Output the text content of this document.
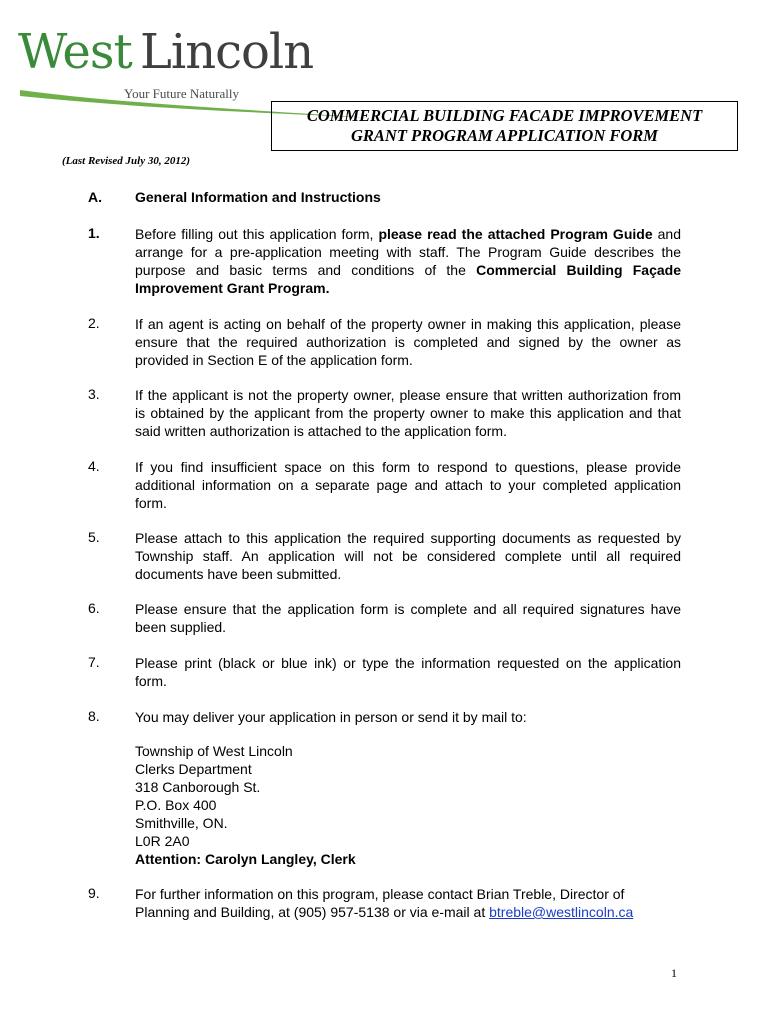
West Lincoln
Your Future Naturally
COMMERCIAL BUILDING FACADE IMPROVEMENT
GRANT PROGRAM APPLICATION FORM
(Last Revised July 30, 2012)
A. General Information and Instructions
1.	Before filling out this application form, please read the attached Program Guide and arrange for a pre-application meeting with staff. The Program Guide describes the purpose and basic terms and conditions of the Commercial Building Façade Improvement Grant Program.
2.	If an agent is acting on behalf of the property owner in making this application, please ensure that the required authorization is completed and signed by the owner as provided in Section E of the application form.
3.	If the applicant is not the property owner, please ensure that written authorization from is obtained by the applicant from the property owner to make this application and that said written authorization is attached to the application form.
4.	If you find insufficient space on this form to respond to questions, please provide additional information on a separate page and attach to your completed application form.
5.	Please attach to this application the required supporting documents as requested by Township staff. An application will not be considered complete until all required documents have been submitted.
6.	Please ensure that the application form is complete and all required signatures have been supplied.
7.	Please print (black or blue ink) or type the information requested on the application form.
8.	You may deliver your application in person or send it by mail to:
Township of West Lincoln
Clerks Department
318 Canborough St.
P.O. Box 400
Smithville, ON.
L0R 2A0
Attention: Carolyn Langley, Clerk
9.	For further information on this program, please contact Brian Treble, Director of Planning and Building, at (905) 957-5138 or via e-mail at btreble@westlincoln.ca
1
